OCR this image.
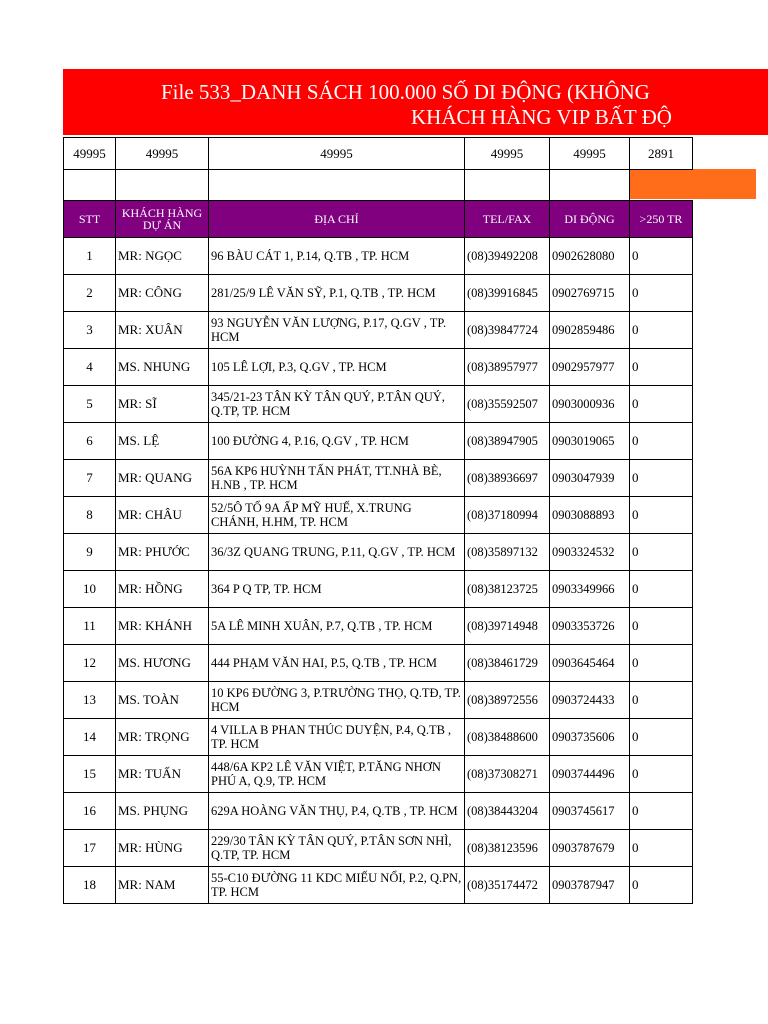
File 533_DANH SÁCH 100.000 SỐ DI ĐỘNG (KHÔNG
KHÁCH HÀNG VIP BẤT ĐỘ
49995	49995	49995	49995	49995	2891

STT	KHÁCH HÀNG DỰ ÁN	ĐỊA CHỈ	TEL/FAX	DI ĐỘNG	>250 TR
1	MR: NGỌC	96 BÀU CÁT 1, P.14, Q.TB , TP. HCM	(08)39492208	0902628080	0
2	MR: CÔNG	281/25/9 LÊ VĂN SỸ, P.1, Q.TB , TP. HCM	(08)39916845	0902769715	0
3	MR: XUÂN	93 NGUYỄN VĂN LƯỢNG, P.17, Q.GV , TP. HCM	(08)39847724	0902859486	0
4	MS. NHUNG	105 LÊ LỢI, P.3, Q.GV , TP. HCM	(08)38957977	0902957977	0
5	MR: SĨ	345/21-23 TÂN KỲ TÂN QUÝ, P.TÂN QUÝ, Q.TP, TP. HCM	(08)35592507	0903000936	0
6	MS. LỆ	100 ĐƯỜNG 4, P.16, Q.GV , TP. HCM	(08)38947905	0903019065	0
7	MR: QUANG	56A KP6 HUỲNH TẤN PHÁT, TT.NHÀ BÈ, H.NB , TP. HCM	(08)38936697	0903047939	0
8	MR: CHÂU	52/5Ô TỔ 9A ẤP MỸ HUẾ, X.TRUNG CHÁNH, H.HM, TP. HCM	(08)37180994	0903088893	0
9	MR: PHƯỚC	36/3Z QUANG TRUNG, P.11, Q.GV , TP. HCM	(08)35897132	0903324532	0
10	MR: HỒNG	364 P Q TP, TP. HCM	(08)38123725	0903349966	0
11	MR: KHÁNH	5A LÊ MINH XUÂN, P.7, Q.TB , TP. HCM	(08)39714948	0903353726	0
12	MS. HƯƠNG	444 PHẠM VĂN HAI, P.5, Q.TB , TP. HCM	(08)38461729	0903645464	0
13	MS. TOÀN	10 KP6 ĐƯỜNG 3, P.TRƯỜNG THỌ, Q.TĐ, TP. HCM	(08)38972556	0903724433	0
14	MR: TRỌNG	4 VILLA B PHAN THÚC DUYỆN, P.4, Q.TB , TP. HCM	(08)38488600	0903735606	0
15	MR: TUẤN	448/6A KP2 LÊ VĂN VIỆT, P.TĂNG NHƠN PHÚ A, Q.9, TP. HCM	(08)37308271	0903744496	0
16	MS. PHỤNG	629A HOÀNG VĂN THỤ, P.4, Q.TB , TP. HCM	(08)38443204	0903745617	0
17	MR: HÙNG	229/30 TÂN KỲ TÂN QUÝ, P.TÂN SƠN NHÌ, Q.TP, TP. HCM	(08)38123596	0903787679	0
18	MR: NAM	55-C10 ĐƯỜNG 11 KDC MIẾU NỔI, P.2, Q.PN, TP. HCM	(08)35174472	0903787947	0
